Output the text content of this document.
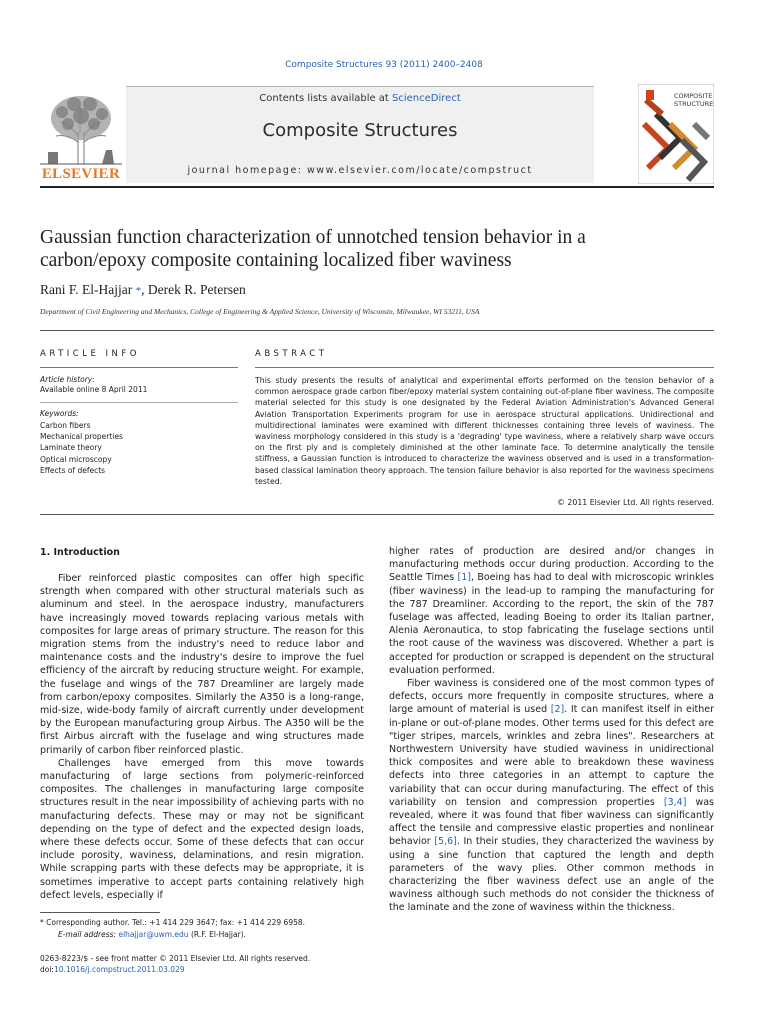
Composite Structures 93 (2011) 2400–2408
Contents lists available at ScienceDirect
Composite Structures
journal homepage: www.elsevier.com/locate/compstruct
ELSEVIER
COMPOSITE
STRUCTURES
Gaussian function characterization of unnotched tension behavior in a carbon/epoxy composite containing localized fiber waviness
Rani F. El-Hajjar *, Derek R. Petersen
Department of Civil Engineering and Mechanics, College of Engineering & Applied Science, University of Wisconsin, Milwaukee, WI 53211, USA
ARTICLE INFO	ABSTRACT
Article history:
Available online 8 April 2011
Keywords:
Carbon fibers
Mechanical properties
Laminate theory
Optical microscopy
Effects of defects
This study presents the results of analytical and experimental efforts performed on the tension behavior of a common aerospace grade carbon fiber/epoxy material system containing out-of-plane fiber waviness. The composite material selected for this study is one designated by the Federal Aviation Administration's Advanced General Aviation Transportation Experiments program for use in aerospace structural applications. Unidirectional and multidirectional laminates were examined with different thicknesses containing three levels of waviness. The waviness morphology considered in this study is a 'degrading' type waviness, where a relatively sharp wave occurs on the first ply and is completely diminished at the other laminate face. To determine analytically the tensile stiffness, a Gaussian function is introduced to characterize the waviness observed and is used in a transformation-based classical lamination theory approach. The tension failure behavior is also reported for the waviness specimens tested.
© 2011 Elsevier Ltd. All rights reserved.
1. Introduction

Fiber reinforced plastic composites can offer high specific strength when compared with other structural materials such as aluminum and steel. In the aerospace industry, manufacturers have increasingly moved towards replacing various metals with composites for large areas of primary structure. The reason for this migration stems from the industry's need to reduce labor and maintenance costs and the industry's desire to improve the fuel efficiency of the aircraft by reducing structure weight. For example, the fuselage and wings of the 787 Dreamliner are largely made from carbon/epoxy composites. Similarly the A350 is a long-range, mid-size, wide-body family of aircraft currently under development by the European manufacturing group Airbus. The A350 will be the first Airbus aircraft with the fuselage and wing structures made primarily of carbon fiber reinforced plastic.

Challenges have emerged from this move towards manufacturing of large sections from polymeric-reinforced composites. The challenges in manufacturing large composite structures result in the near impossibility of achieving parts with no manufacturing defects. These may or may not be significant depending on the type of defect and the expected design loads, where these defects occur. Some of these defects that can occur include porosity, waviness, delaminations, and resin migration. While scrapping parts with these defects may be appropriate, it is sometimes imperative to accept parts containing relatively high defect levels, especially if

higher rates of production are desired and/or changes in manufacturing methods occur during production. According to the Seattle Times [1], Boeing has had to deal with microscopic wrinkles (fiber waviness) in the lead-up to ramping the manufacturing for the 787 Dreamliner. According to the report, the skin of the 787 fuselage was affected, leading Boeing to order its Italian partner, Alenia Aeronautica, to stop fabricating the fuselage sections until the root cause of the waviness was discovered. Whether a part is accepted for production or scrapped is dependent on the structural evaluation performed.

Fiber waviness is considered one of the most common types of defects, occurs more frequently in composite structures, where a large amount of material is used [2]. It can manifest itself in either in-plane or out-of-plane modes. Other terms used for this defect are "tiger stripes, marcels, wrinkles and zebra lines". Researchers at Northwestern University have studied waviness in unidirectional thick composites and were able to breakdown these waviness defects into three categories in an attempt to capture the variability that can occur during manufacturing. The effect of this variability on tension and compression properties [3,4] was revealed, where it was found that fiber waviness can significantly affect the tensile and compressive elastic properties and nonlinear behavior [5,6]. In their studies, they characterized the waviness by using a sine function that captured the length and depth parameters of the wavy plies. Other common methods in characterizing the fiber waviness defect use an angle of the waviness although such methods do not consider the thickness of the laminate and the zone of waviness within the thickness.

* Corresponding author. Tel.: +1 414 229 3647; fax: +1 414 229 6958.
E-mail address: elhajjar@uwm.edu (R.F. El-Hajjar).
0263-8223/$ - see front matter © 2011 Elsevier Ltd. All rights reserved.
doi:10.1016/j.compstruct.2011.03.029
